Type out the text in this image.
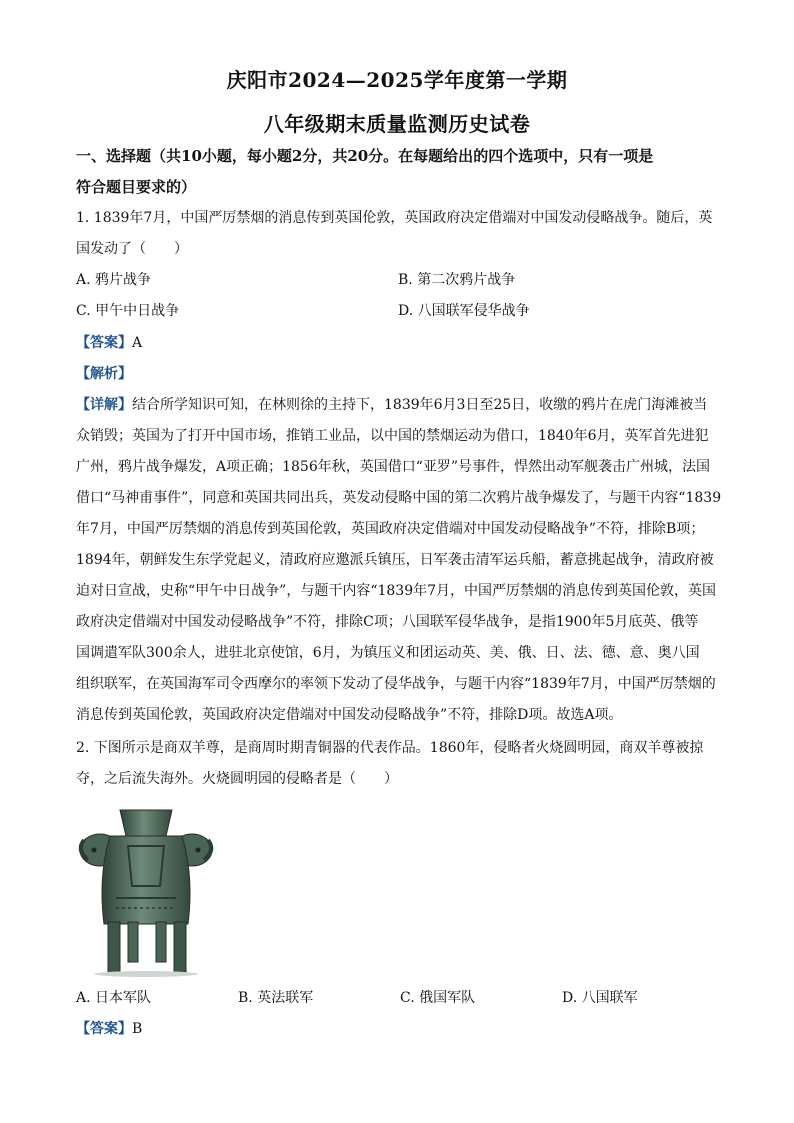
庆阳市2024—2025学年度第一学期
八年级期末质量监测历史试卷
一、选择题（共10小题，每小题2分，共20分。在每题给出的四个选项中，只有一项是
符合题目要求的）
1. 1839年7月，中国严厉禁烟的消息传到英国伦敦，英国政府决定借端对中国发动侵略战争。随后，英
国发动了（　　）
A. 鸦片战争	B. 第二次鸦片战争
C. 甲午中日战争	D. 八国联军侵华战争
【答案】A
【解析】
【详解】结合所学知识可知，在林则徐的主持下，1839年6月3日至25日，收缴的鸦片在虎门海滩被当
众销毁；英国为了打开中国市场，推销工业品，以中国的禁烟运动为借口，1840年6月，英军首先进犯
广州，鸦片战争爆发，A项正确；1856年秋，英国借口“亚罗”号事件，悍然出动军舰袭击广州城，法国
借口“马神甫事件”，同意和英国共同出兵，英发动侵略中国的第二次鸦片战争爆发了，与题干内容“1839
年7月，中国严厉禁烟的消息传到英国伦敦，英国政府决定借端对中国发动侵略战争”不符，排除B项；
1894年，朝鲜发生东学党起义，清政府应邀派兵镇压，日军袭击清军运兵船，蓄意挑起战争，清政府被
迫对日宣战，史称“甲午中日战争”，与题干内容“1839年7月，中国严厉禁烟的消息传到英国伦敦，英国
政府决定借端对中国发动侵略战争”不符，排除C项；八国联军侵华战争，是指1900年5月底英、俄等
国调遣军队300余人，进驻北京使馆，6月，为镇压义和团运动英、美、俄、日、法、德、意、奥八国
组织联军，在英国海军司令西摩尔的率领下发动了侵华战争，与题干内容“1839年7月，中国严厉禁烟的
消息传到英国伦敦，英国政府决定借端对中国发动侵略战争”不符，排除D项。故选A项。
2. 下图所示是商双羊尊，是商周时期青铜器的代表作品。1860年，侵略者火烧圆明园，商双羊尊被掠
夺，之后流失海外。火烧圆明园的侵略者是（　　）
A. 日本军队	B. 英法联军	C. 俄国军队	D. 八国联军
【答案】B
